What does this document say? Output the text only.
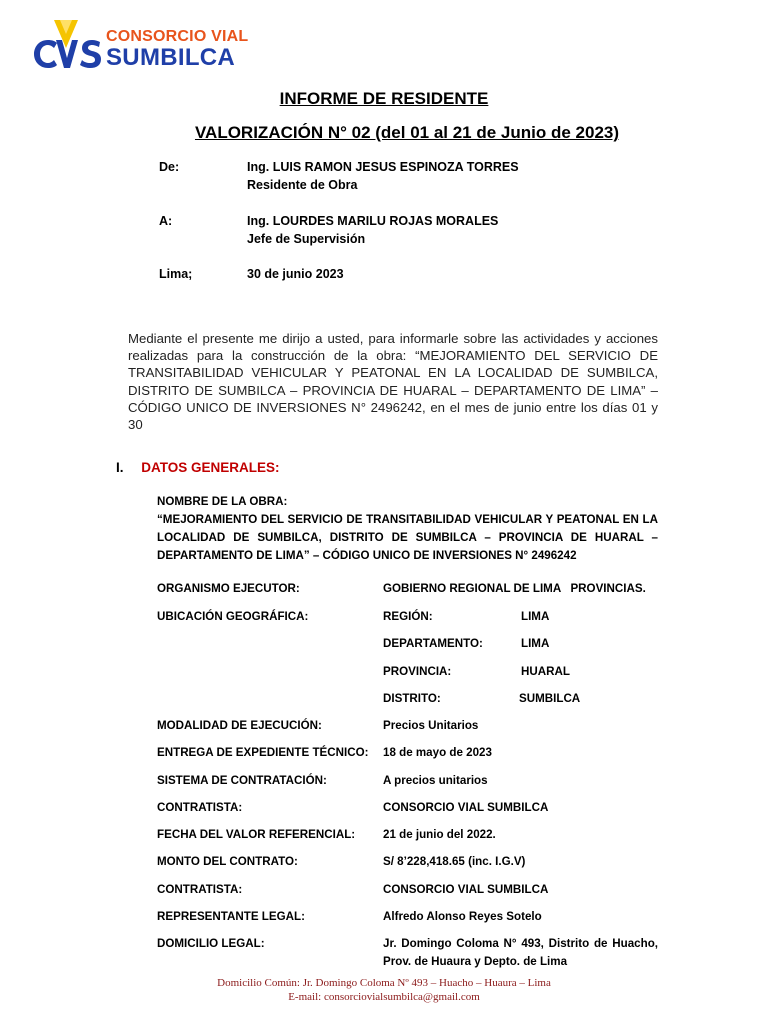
CONSORCIO VIAL
SUMBILCA
INFORME DE RESIDENTE
VALORIZACIÓN N° 02 (del 01 al 21 de Junio de 2023)
De:	Ing. LUIS RAMON JESUS ESPINOZA TORRES
Residente de Obra
A:	Ing. LOURDES MARILU ROJAS MORALES
Jefe de Supervisión
Lima;	30 de junio 2023
Mediante el presente me dirijo a usted, para informarle sobre las actividades y acciones realizadas para la construcción de la obra: “MEJORAMIENTO DEL SERVICIO DE TRANSITABILIDAD VEHICULAR Y PEATONAL EN LA LOCALIDAD DE SUMBILCA, DISTRITO DE SUMBILCA – PROVINCIA DE HUARAL – DEPARTAMENTO DE LIMA” – CÓDIGO UNICO DE INVERSIONES N° 2496242, en el mes de junio entre los días 01 y 30
I. DATOS GENERALES:
NOMBRE DE LA OBRA:
“MEJORAMIENTO DEL SERVICIO DE TRANSITABILIDAD VEHICULAR Y PEATONAL EN LA LOCALIDAD DE SUMBILCA, DISTRITO DE SUMBILCA – PROVINCIA DE HUARAL – DEPARTAMENTO DE LIMA” – CÓDIGO UNICO DE INVERSIONES N° 2496242
ORGANISMO EJECUTOR:	GOBIERNO REGIONAL DE LIMA   PROVINCIAS.
UBICACIÓN GEOGRÁFICA:	REGIÓN:	LIMA
DEPARTAMENTO:	LIMA
PROVINCIA:	HUARAL
DISTRITO:	SUMBILCA
MODALIDAD DE EJECUCIÓN:	Precios Unitarios
ENTREGA DE EXPEDIENTE TÉCNICO: 18 de mayo de 2023
SISTEMA DE CONTRATACIÓN:	A precios unitarios
CONTRATISTA:	CONSORCIO VIAL SUMBILCA
FECHA DEL VALOR REFERENCIAL: 21 de junio del 2022.
MONTO DEL CONTRATO:	S/ 8’228,418.65 (inc. I.G.V)
CONTRATISTA:	CONSORCIO VIAL SUMBILCA
REPRESENTANTE LEGAL:	Alfredo Alonso Reyes Sotelo
DOMICILIO LEGAL:	Jr. Domingo Coloma N° 493, Distrito de Huacho, Prov. de Huaura y Depto. de Lima
Domicilio Común: Jr. Domingo Coloma Nº 493 – Huacho – Huaura – Lima
E-mail: consorciovialsumbilca@gmail.com
